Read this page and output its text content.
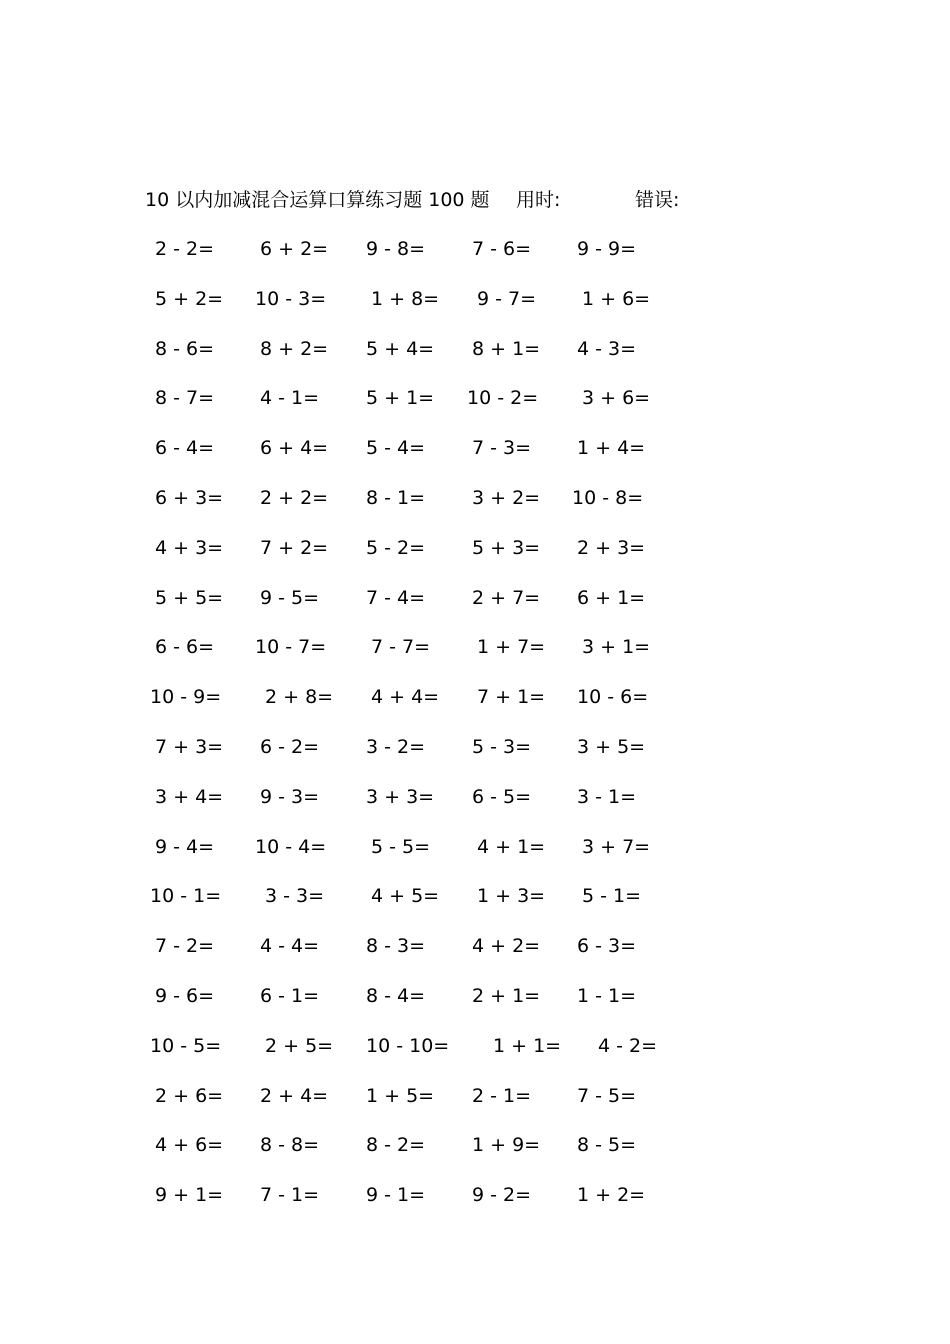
10 以内加减混合运算口算练习题 100 题 用时:	错误:
2 - 2= 6 + 2= 9 - 8= 7 - 6= 9 - 9=
5 + 2= 10 - 3= 1 + 8= 9 - 7= 1 + 6=
8 - 6= 8 + 2= 5 + 4= 8 + 1= 4 - 3=
8 - 7= 4 - 1= 5 + 1= 10 - 2= 3 + 6=
6 - 4= 6 + 4= 5 - 4= 7 - 3= 1 + 4=
6 + 3= 2 + 2= 8 - 1= 3 + 2= 10 - 8=
4 + 3= 7 + 2= 5 - 2= 5 + 3= 2 + 3=
5 + 5= 9 - 5= 7 - 4= 2 + 7= 6 + 1=
6 - 6= 10 - 7= 7 - 7= 1 + 7= 3 + 1=
10 - 9= 2 + 8= 4 + 4= 7 + 1= 10 - 6=
7 + 3= 6 - 2= 3 - 2= 5 - 3= 3 + 5=
3 + 4= 9 - 3= 3 + 3= 6 - 5= 3 - 1=
9 - 4= 10 - 4= 5 - 5= 4 + 1= 3 + 7=
10 - 1= 3 - 3= 4 + 5= 1 + 3= 5 - 1=
7 - 2= 4 - 4= 8 - 3= 4 + 2= 6 - 3=
9 - 6= 6 - 1= 8 - 4= 2 + 1= 1 - 1=
10 - 5= 2 + 5= 10 - 10= 1 + 1= 4 - 2=
2 + 6= 2 + 4= 1 + 5= 2 - 1= 7 - 5=
4 + 6= 8 - 8= 8 - 2= 1 + 9= 8 - 5=
9 + 1= 7 - 1= 9 - 1= 9 - 2= 1 + 2=
